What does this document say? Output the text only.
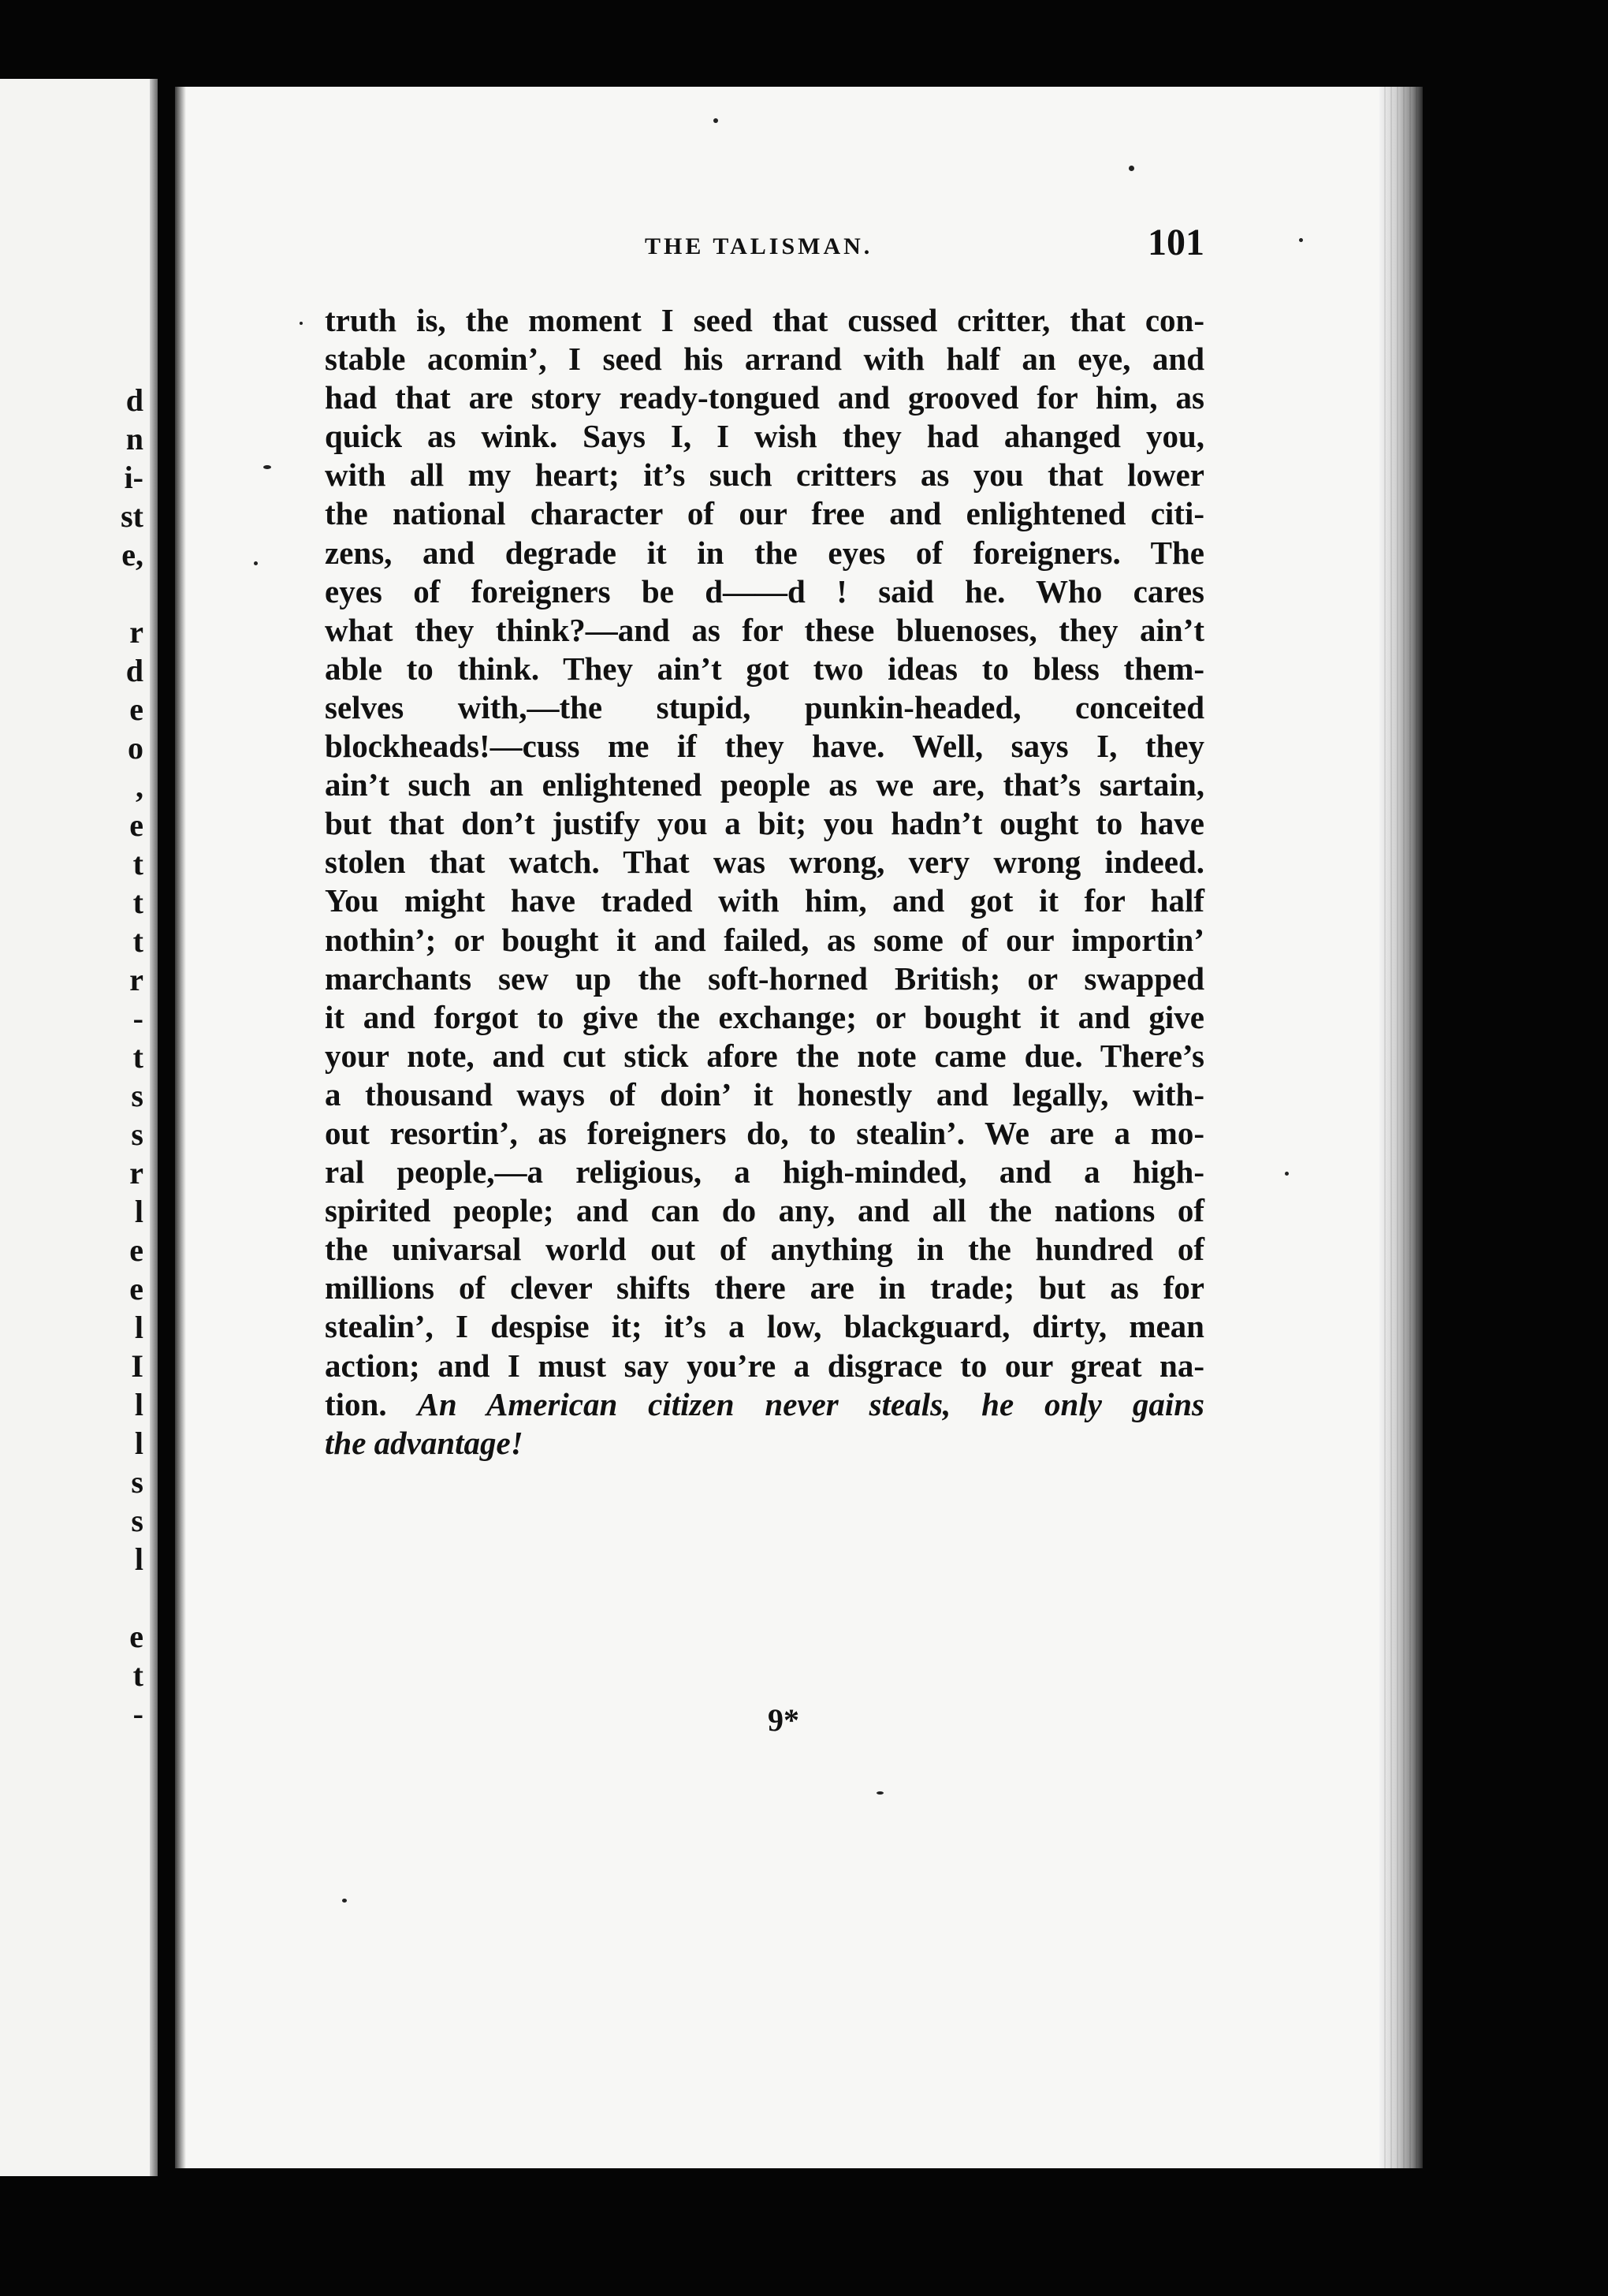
d
n
i-
st
e,
r
d
e
o
,
e
t
t
t
r
-
t
s
s
r
l
e
e
l
I
l
l
s
s
l
e
t
-
THE TALISMAN.	101
truth is, the moment I seed that cussed critter, that con-
stable acomin’, I seed his arrand with half an eye, and
had that are story ready-tongued and grooved for him, as
quick as wink. Says I, I wish they had ahanged you,
with all my heart; it’s such critters as you that lower
the national character of our free and enlightened citi-
zens, and degrade it in the eyes of foreigners. The
eyes of foreigners be d——d ! said he. Who cares
what they think?—and as for these bluenoses, they ain’t
able to think. They ain’t got two ideas to bless them-
selves with,—the stupid, punkin-headed, conceited
blockheads!—cuss me if they have. Well, says I, they
ain’t such an enlightened people as we are, that’s sartain,
but that don’t justify you a bit; you hadn’t ought to have
stolen that watch. That was wrong, very wrong indeed.
You might have traded with him, and got it for half
nothin’; or bought it and failed, as some of our importin’
marchants sew up the soft-horned British; or swapped
it and forgot to give the exchange; or bought it and give
your note, and cut stick afore the note came due. There’s
a thousand ways of doin’ it honestly and legally, with-
out resortin’, as foreigners do, to stealin’. We are a mo-
ral people,—a religious, a high-minded, and a high-
spirited people; and can do any, and all the nations of
the univarsal world out of anything in the hundred of
millions of clever shifts there are in trade; but as for
stealin’, I despise it; it’s a low, blackguard, dirty, mean
action; and I must say you’re a disgrace to our great na-
tion. An American citizen never steals, he only gains
the advantage!
9*
